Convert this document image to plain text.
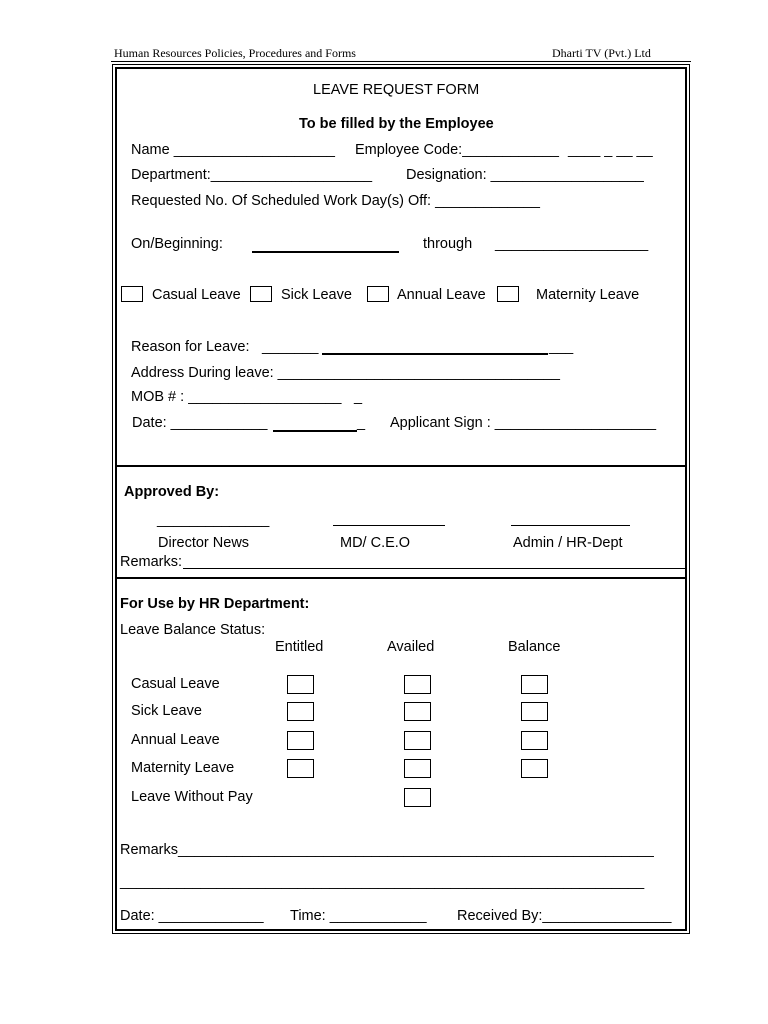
Human Resources Policies, Procedures and Forms	Dharti TV (Pvt.) Ltd
LEAVE REQUEST FORM
To be filled by the Employee
Name ____________________ Employee Code:____________ ____ _ __ __
Department:____________________ Designation: ___________________
Requested No. Of Scheduled Work Day(s) Off: _____________
On/Beginning:	through ___________________
Casual Leave	Sick Leave	Annual Leave	Maternity Leave
Reason for Leave: _______	___
Address During leave: ___________________________________
MOB # : ___________________ _
Date: ____________	_ Applicant Sign : ____________________
Approved By:
_________ _____
Director News	MD/ C.E.O	Admin / HR-Dept
Remarks:
For Use by HR Department:
Leave Balance Status:
Entitled	Availed	Balance
Casual Leave
Sick Leave
Annual Leave
Maternity Leave
Leave Without Pay
Remarks___________________________________________________________
_________________________________________________________________
Date: _____________ Time: ____________ Received By:________________
